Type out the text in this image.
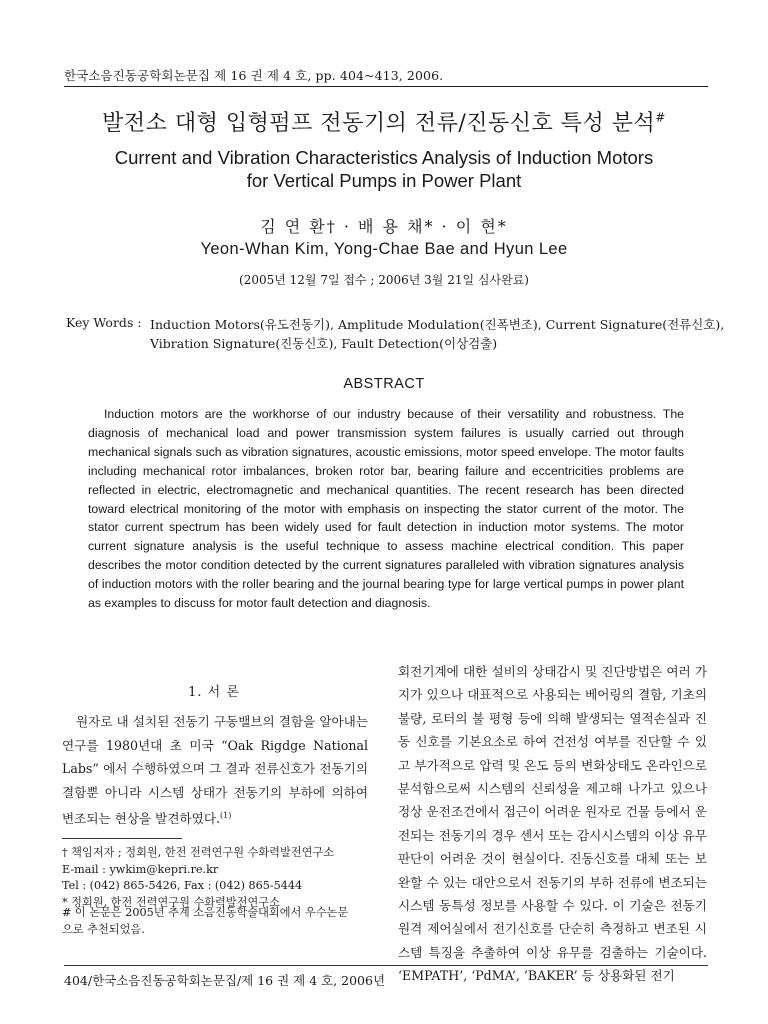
한국소음진동공학회논문집 제 16 권 제 4 호, pp. 404~413, 2006.
발전소 대형 입형펌프 전동기의 전류/진동신호 특성 분석#
Current and Vibration Characteristics Analysis of Induction Motors
for Vertical Pumps in Power Plant
김 연 환† · 배 용 채* · 이 현*
Yeon-Whan Kim, Yong-Chae Bae and Hyun Lee
(2005년 12월 7일 접수 ; 2006년 3월 21일 심사완료)
Key Words : Induction Motors(유도전동기), Amplitude Modulation(진폭변조), Current Signature(전류신호),
Vibration Signature(진동신호), Fault Detection(이상검출)
ABSTRACT

Induction motors are the workhorse of our industry because of their versatility and robustness. The diagnosis of mechanical load and power transmission system failures is usually carried out through mechanical signals such as vibration signatures, acoustic emissions, motor speed envelope. The motor faults including mechanical rotor imbalances, broken rotor bar, bearing failure and eccentricities problems are reflected in electric, electromagnetic and mechanical quantities. The recent research has been directed toward electrical monitoring of the motor with emphasis on inspecting the stator current of the motor. The stator current spectrum has been widely used for fault detection in induction motor systems. The motor current signature analysis is the useful technique to assess machine electrical condition. This paper describes the motor condition detected by the current signatures paralleled with vibration signatures analysis of induction motors with the roller bearing and the journal bearing type for large vertical pumps in power plant as examples to discuss for motor fault detection and diagnosis.

1. 서 론

원자로 내 설치된 전동기 구동밸브의 결함을 알아내는 연구를 1980년대 초 미국 “Oak Rigdge National Labs” 에서 수행하였으며 그 결과 전류신호가 전동기의 결함뿐 아니라 시스템 상태가 전동기의 부하에 의하여 변조되는 현상을 발견하였다.$^{(1)}$

† 책임저자 ; 정회원, 한전 전력연구원 수화력발전연구소
E-mail : ywkim@kepri.re.kr
Tel : (042) 865-5426, Fax : (042) 865-5444
* 정회원, 한전 전력연구원 수화력발전연구소
# 이 논문은 2005년 추계 소음진동학술대회에서 우수논문
으로 추천되었음.

회전기계에 대한 설비의 상태감시 및 진단방법은 여러 가지가 있으나 대표적으로 사용되는 베어링의 결함, 기초의 불량, 로터의 불 평형 등에 의해 발생되는 열적손실과 진동 신호를 기본요소로 하여 건전성 여부를 진단할 수 있고 부가적으로 압력 및 온도 등의 변화상태도 온라인으로 분석함으로써 시스템의 신뢰성을 제고해 나가고 있으나 정상 운전조건에서 접근이 어려운 원자로 건물 등에서 운전되는 전동기의 경우 센서 또는 감시시스템의 이상 유무 판단이 어려운 것이 현실이다. 진동신호를 대체 또는 보완할 수 있는 대안으로서 전동기의 부하 전류에 변조되는 시스템 동특성 정보를 사용할 수 있다. 이 기술은 전동기 원격 제어실에서 전기신호를 단순히 측정하고 변조된 시스템 특징을 추출하여 이상 유무를 검출하는 기술이다. ‘EMPATH’, ‘PdMA’, ‘BAKER’ 등 상용화된 전기

404/한국소음진동공학회논문집/제 16 권 제 4 호, 2006년
